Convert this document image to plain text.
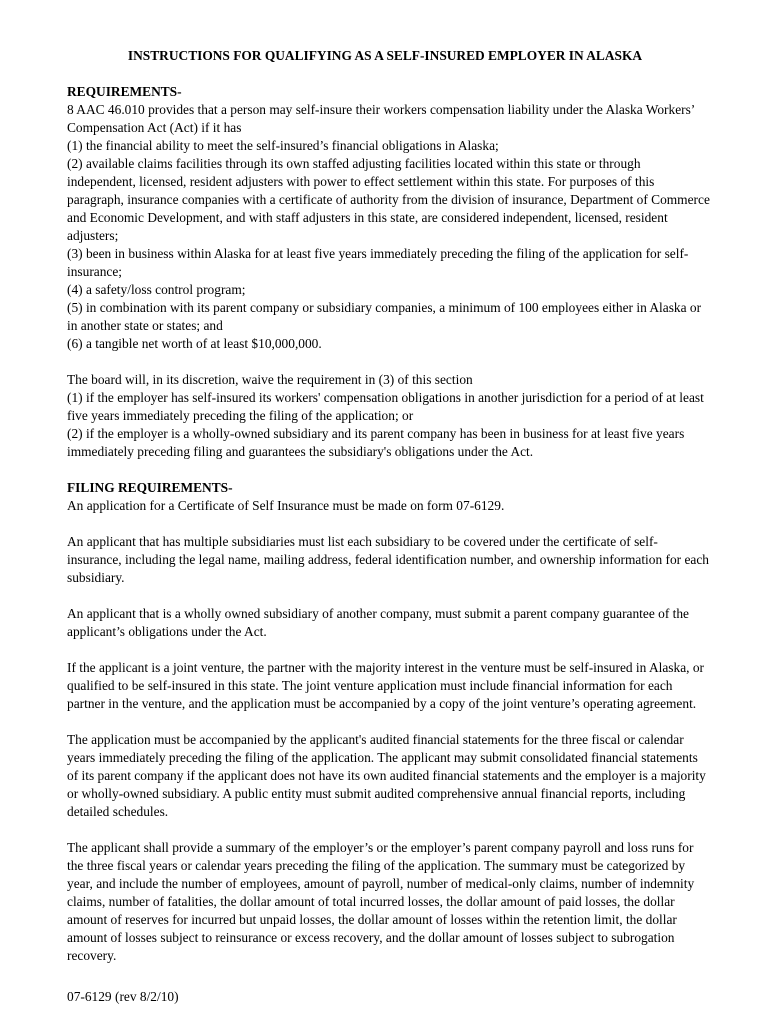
INSTRUCTIONS FOR QUALIFYING AS A SELF-INSURED EMPLOYER IN ALASKA

REQUIREMENTS-

8 AAC 46.010 provides that a person may self-insure their workers compensation liability under the Alaska Workers’ Compensation Act (Act) if it has

(1) the financial ability to meet the self-insured’s financial obligations in Alaska;

(2) available claims facilities through its own staffed adjusting facilities located within this state or through independent, licensed, resident adjusters with power to effect settlement within this state. For purposes of this paragraph, insurance companies with a certificate of authority from the division of insurance, Department of Commerce and Economic Development, and with staff adjusters in this state, are considered independent, licensed, resident adjusters;

(3) been in business within Alaska for at least five years immediately preceding the filing of the application for self-insurance;

(4) a safety/loss control program;

(5) in combination with its parent company or subsidiary companies, a minimum of 100 employees either in Alaska or in another state or states; and

(6) a tangible net worth of at least $10,000,000.

The board will, in its discretion, waive the requirement in (3) of this section

(1) if the employer has self-insured its workers' compensation obligations in another jurisdiction for a period of at least five years immediately preceding the filing of the application; or

(2) if the employer is a wholly-owned subsidiary and its parent company has been in business for at least five years immediately preceding filing and guarantees the subsidiary's obligations under the Act.

FILING REQUIREMENTS-

An application for a Certificate of Self Insurance must be made on form 07-6129.

An applicant that has multiple subsidiaries must list each subsidiary to be covered under the certificate of self-insurance, including the legal name, mailing address, federal identification number, and ownership information for each subsidiary.

An applicant that is a wholly owned subsidiary of another company, must submit a parent company guarantee of the applicant’s obligations under the Act.

If the applicant is a joint venture, the partner with the majority interest in the venture must be self-insured in Alaska, or qualified to be self-insured in this state. The joint venture application must include financial information for each partner in the venture, and the application must be accompanied by a copy of the joint venture’s operating agreement.

The application must be accompanied by the applicant's audited financial statements for the three fiscal or calendar years immediately preceding the filing of the application. The applicant may submit consolidated financial statements of its parent company if the applicant does not have its own audited financial statements and the employer is a majority or wholly-owned subsidiary. A public entity must submit audited comprehensive annual financial reports, including detailed schedules.

The applicant shall provide a summary of the employer’s or the employer’s parent company payroll and loss runs for the three fiscal years or calendar years preceding the filing of the application. The summary must be categorized by year, and include the number of employees, amount of payroll, number of medical-only claims, number of indemnity claims, number of fatalities, the dollar amount of total incurred losses, the dollar amount of paid losses, the dollar amount of reserves for incurred but unpaid losses, the dollar amount of losses within the retention limit, the dollar amount of losses subject to reinsurance or excess recovery, and the dollar amount of losses subject to subrogation recovery.

07-6129 (rev 8/2/10)
